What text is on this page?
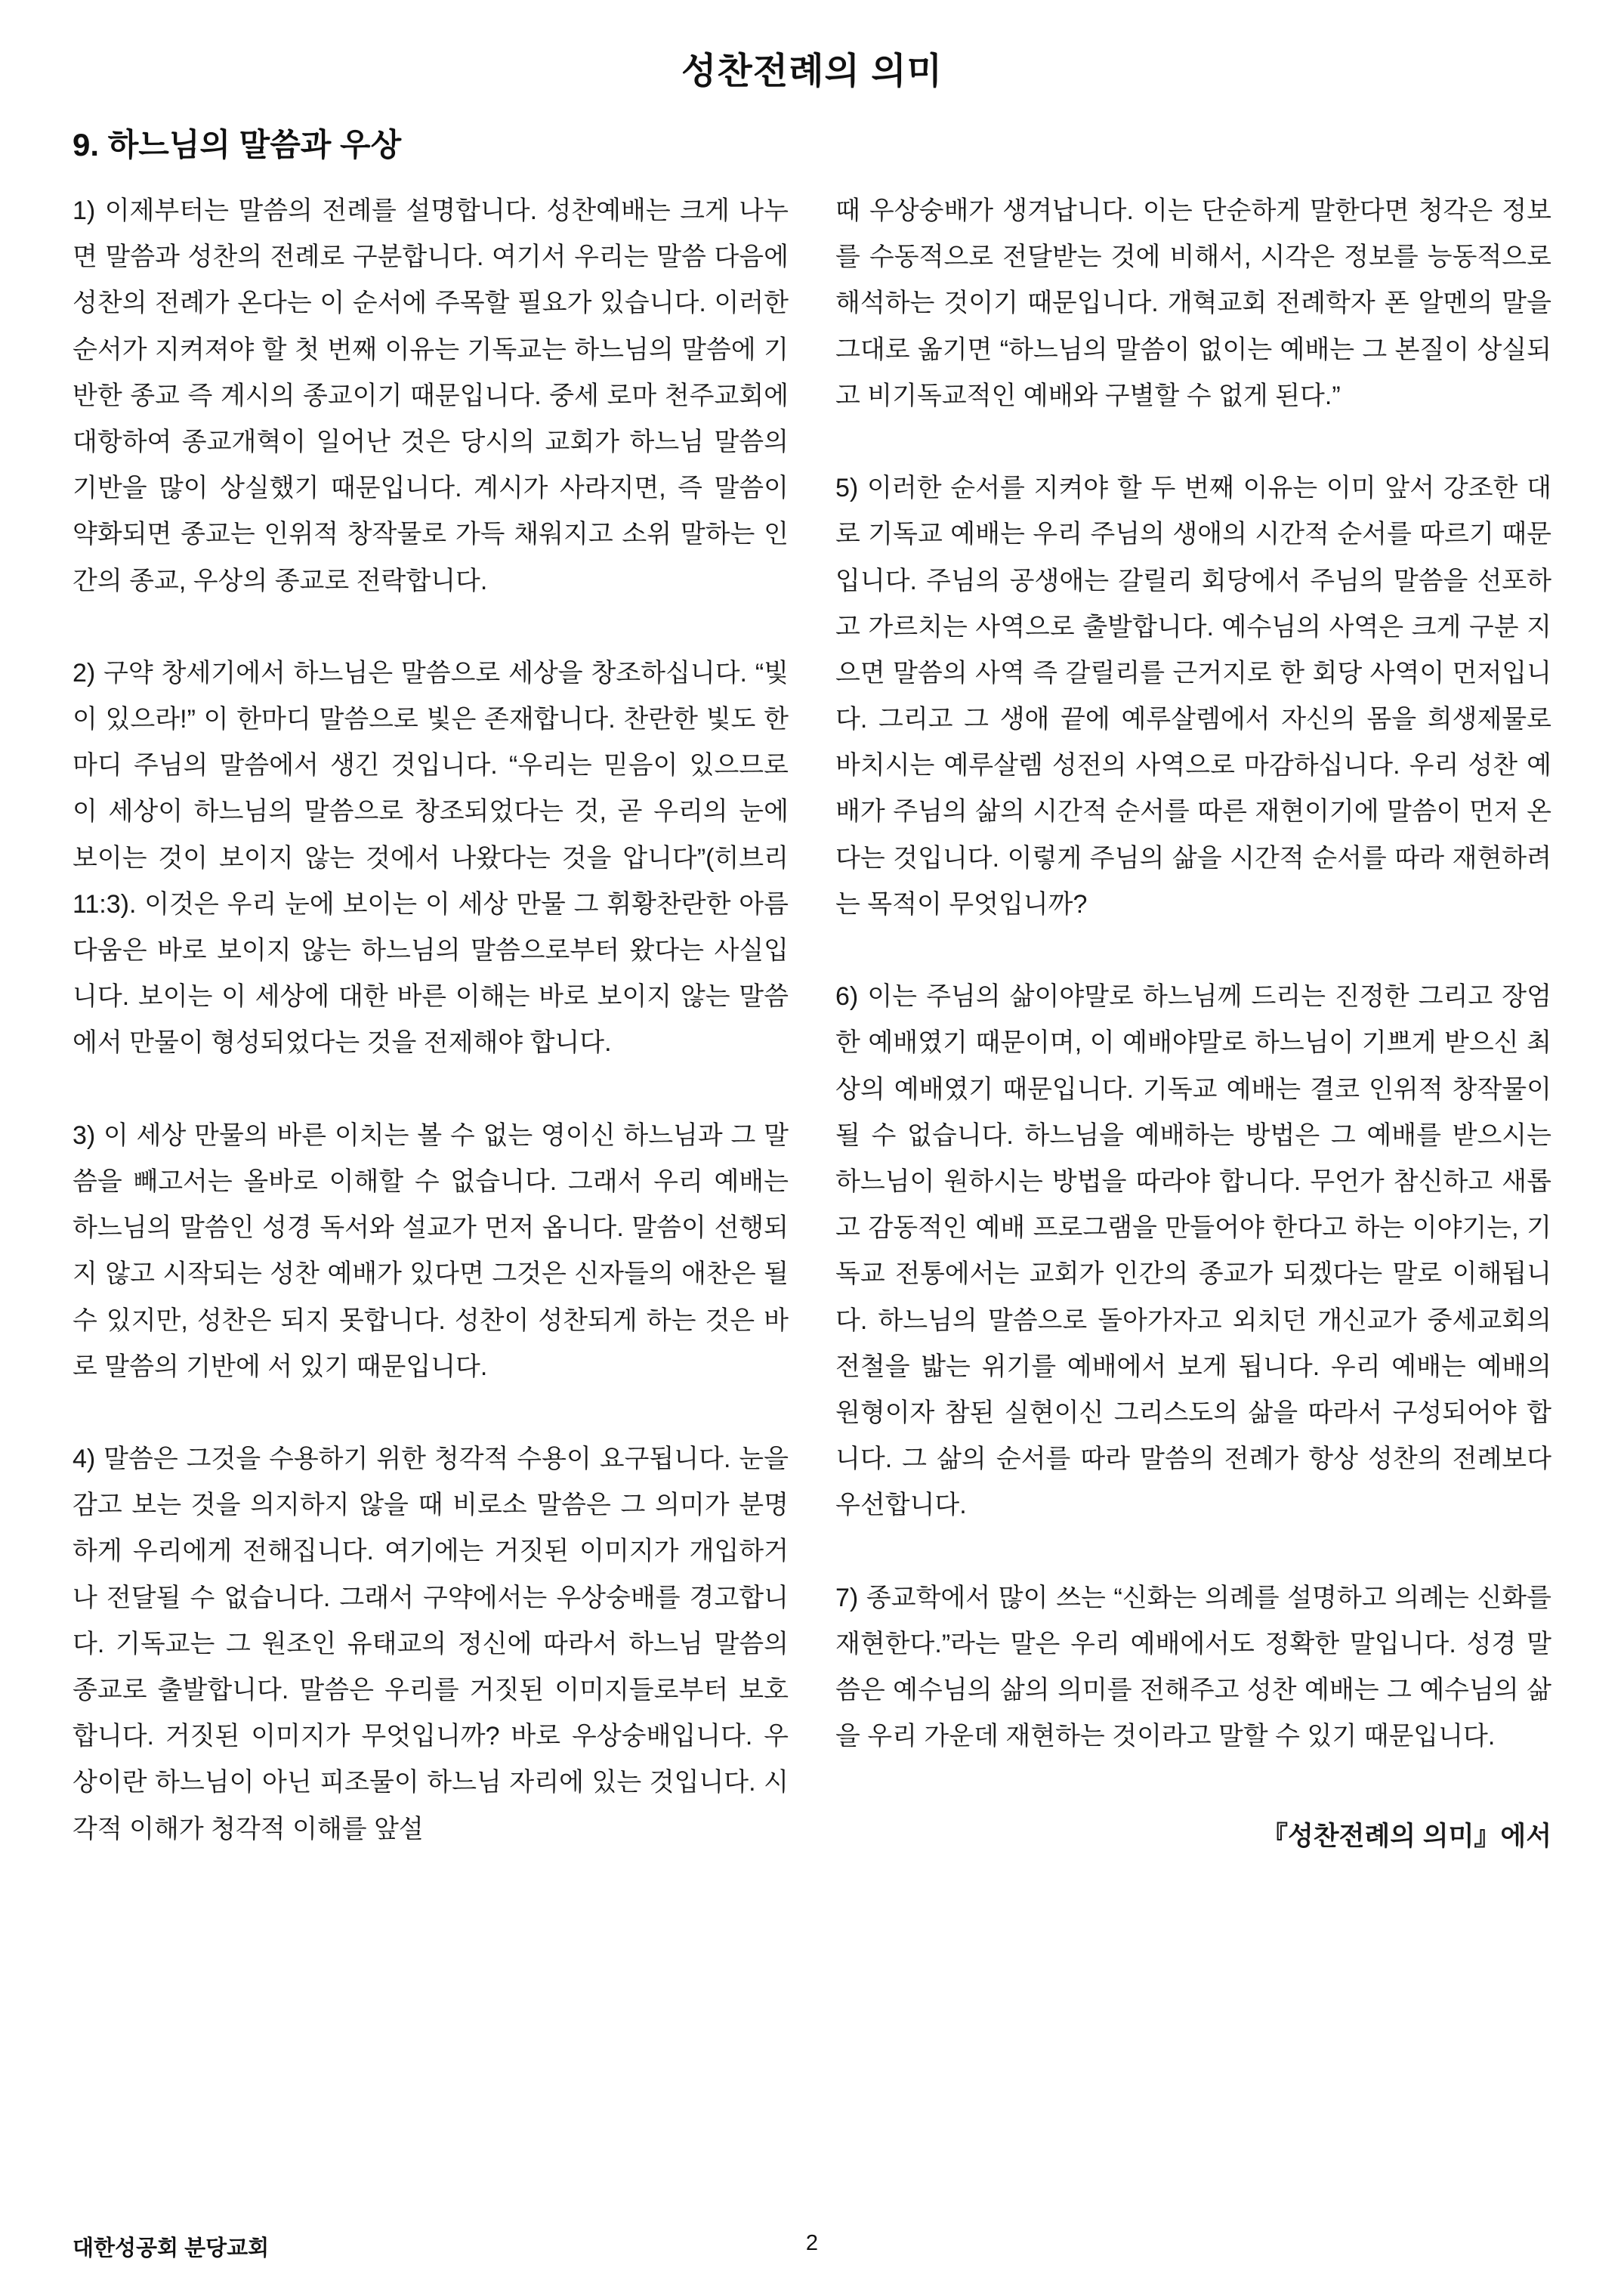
성찬전례의 의미
9. 하느님의 말씀과 우상

1) 이제부터는 말씀의 전례를 설명합니다. 성찬예배는 크게 나누면 말씀과 성찬의 전례로 구분합니다. 여기서 우리는 말씀 다음에 성찬의 전례가 온다는 이 순서에 주목할 필요가 있습니다. 이러한 순서가 지켜져야 할 첫 번째 이유는 기독교는 하느님의 말씀에 기반한 종교 즉 계시의 종교이기 때문입니다. 중세 로마 천주교회에 대항하여 종교개혁이 일어난 것은 당시의 교회가 하느님 말씀의 기반을 많이 상실했기 때문입니다. 계시가 사라지면, 즉 말씀이 약화되면 종교는 인위적 창작물로 가득 채워지고 소위 말하는 인간의 종교, 우상의 종교로 전락합니다.

2) 구약 창세기에서 하느님은 말씀으로 세상을 창조하십니다. “빛이 있으라!” 이 한마디 말씀으로 빛은 존재합니다. 찬란한 빛도 한마디 주님의 말씀에서 생긴 것입니다. “우리는 믿음이 있으므로 이 세상이 하느님의 말씀으로 창조되었다는 것, 곧 우리의 눈에 보이는 것이 보이지 않는 것에서 나왔다는 것을 압니다”(히브리 11:3). 이것은 우리 눈에 보이는 이 세상 만물 그 휘황찬란한 아름다움은 바로 보이지 않는 하느님의 말씀으로부터 왔다는 사실입니다. 보이는 이 세상에 대한 바른 이해는 바로 보이지 않는 말씀에서 만물이 형성되었다는 것을 전제해야 합니다.

3) 이 세상 만물의 바른 이치는 볼 수 없는 영이신 하느님과 그 말씀을 빼고서는 올바로 이해할 수 없습니다. 그래서 우리 예배는 하느님의 말씀인 성경 독서와 설교가 먼저 옵니다. 말씀이 선행되지 않고 시작되는 성찬 예배가 있다면 그것은 신자들의 애찬은 될 수 있지만, 성찬은 되지 못합니다. 성찬이 성찬되게 하는 것은 바로 말씀의 기반에 서 있기 때문입니다.

4) 말씀은 그것을 수용하기 위한 청각적 수용이 요구됩니다. 눈을 감고 보는 것을 의지하지 않을 때 비로소 말씀은 그 의미가 분명하게 우리에게 전해집니다. 여기에는 거짓된 이미지가 개입하거나 전달될 수 없습니다. 그래서 구약에서는 우상숭배를 경고합니다. 기독교는 그 원조인 유태교의 정신에 따라서 하느님 말씀의 종교로 출발합니다. 말씀은 우리를 거짓된 이미지들로부터 보호합니다. 거짓된 이미지가 무엇입니까? 바로 우상숭배입니다. 우상이란 하느님이 아닌 피조물이 하느님 자리에 있는 것입니다. 시각적 이해가 청각적 이해를 앞설

때 우상숭배가 생겨납니다. 이는 단순하게 말한다면 청각은 정보를 수동적으로 전달받는 것에 비해서, 시각은 정보를 능동적으로 해석하는 것이기 때문입니다. 개혁교회 전례학자 폰 알멘의 말을 그대로 옮기면 “하느님의 말씀이 없이는 예배는 그 본질이 상실되고 비기독교적인 예배와 구별할 수 없게 된다.”

5) 이러한 순서를 지켜야 할 두 번째 이유는 이미 앞서 강조한 대로 기독교 예배는 우리 주님의 생애의 시간적 순서를 따르기 때문입니다. 주님의 공생애는 갈릴리 회당에서 주님의 말씀을 선포하고 가르치는 사역으로 출발합니다. 예수님의 사역은 크게 구분 지으면 말씀의 사역 즉 갈릴리를 근거지로 한 회당 사역이 먼저입니다. 그리고 그 생애 끝에 예루살렘에서 자신의 몸을 희생제물로 바치시는 예루살렘 성전의 사역으로 마감하십니다. 우리 성찬 예배가 주님의 삶의 시간적 순서를 따른 재현이기에 말씀이 먼저 온다는 것입니다. 이렇게 주님의 삶을 시간적 순서를 따라 재현하려는 목적이 무엇입니까?

6) 이는 주님의 삶이야말로 하느님께 드리는 진정한 그리고 장엄한 예배였기 때문이며, 이 예배야말로 하느님이 기쁘게 받으신 최상의 예배였기 때문입니다. 기독교 예배는 결코 인위적 창작물이 될 수 없습니다. 하느님을 예배하는 방법은 그 예배를 받으시는 하느님이 원하시는 방법을 따라야 합니다. 무언가 참신하고 새롭고 감동적인 예배 프로그램을 만들어야 한다고 하는 이야기는, 기독교 전통에서는 교회가 인간의 종교가 되겠다는 말로 이해됩니다. 하느님의 말씀으로 돌아가자고 외치던 개신교가 중세교회의 전철을 밟는 위기를 예배에서 보게 됩니다. 우리 예배는 예배의 원형이자 참된 실현이신 그리스도의 삶을 따라서 구성되어야 합니다. 그 삶의 순서를 따라 말씀의 전례가 항상 성찬의 전례보다 우선합니다.

7) 종교학에서 많이 쓰는 “신화는 의례를 설명하고 의례는 신화를 재현한다.”라는 말은 우리 예배에서도 정확한 말입니다. 성경 말씀은 예수님의 삶의 의미를 전해주고 성찬 예배는 그 예수님의 삶을 우리 가운데 재현하는 것이라고 말할 수 있기 때문입니다.

『성찬전례의 의미』에서
대한성공회 분당교회	2
